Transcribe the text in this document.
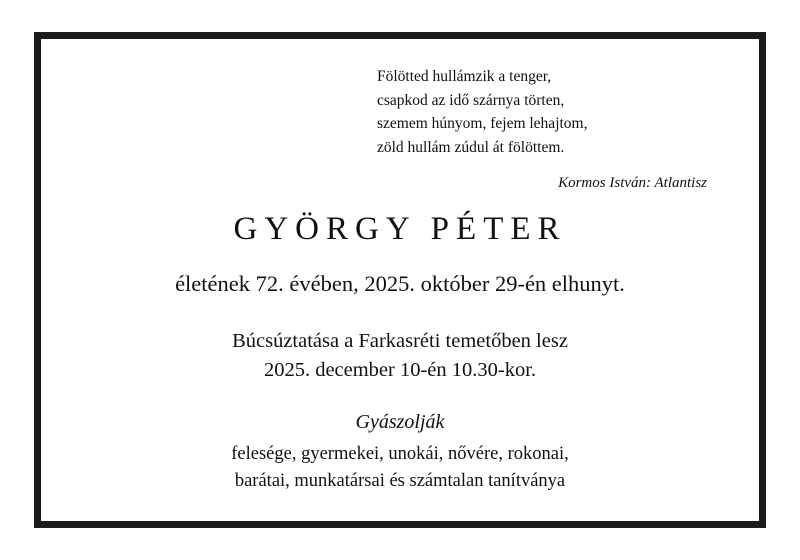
Fölötted hullámzik a tenger,
csapkod az idő szárnya törten,
szemem húnyom, fejem lehajtom,
zöld hullám zúdul át fölöttem.
Kormos István: Atlantisz
GYÖRGY PÉTER
életének 72. évében, 2025. október 29-én elhunyt.
Búcsúztatása a Farkasréti temetőben lesz
2025. december 10-én 10.30-kor.
Gyászolják
felesége, gyermekei, unokái, nővére, rokonai,
barátai, munkatársai és számtalan tanítványa
